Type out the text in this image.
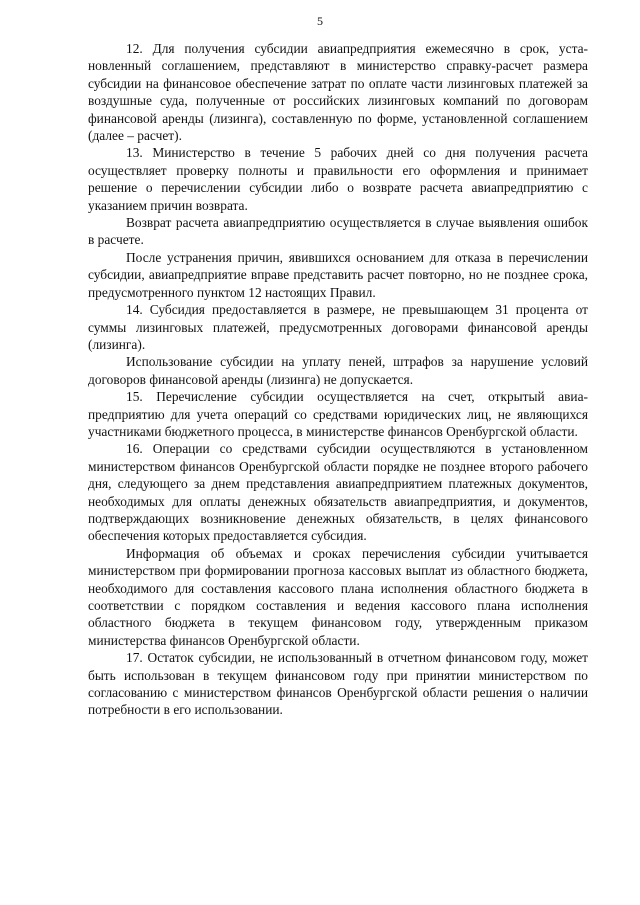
5

12. Для получения субсидии авиапредприятия ежемесячно в срок, установленный соглашением, представляют в министерство справку-расчет размера субсидии на финансовое обеспечение затрат по оплате части лизинговых платежей за воздушные суда, полученные от российских лизинговых компаний по договорам финансовой аренды (лизинга), составленную по форме, установленной соглашением (далее – расчет).

13. Министерство в течение 5 рабочих дней со дня получения расчета осуществляет проверку полноты и правильности его оформления и принимает решение о перечислении субсидии либо о возврате расчета авиапредприятию с указанием причин возврата.

Возврат расчета авиапредприятию осуществляется в случае выявления ошибок в расчете.

После устранения причин, явившихся основанием для отказа в перечислении субсидии, авиапредприятие вправе представить расчет повторно, но не позднее срока, предусмотренного пунктом 12 настоящих Правил.

14. Субсидия предоставляется в размере, не превышающем 31 процента от суммы лизинговых платежей, предусмотренных договорами финансовой аренды (лизинга).

Использование субсидии на уплату пеней, штрафов за нарушение условий договоров финансовой аренды (лизинга) не допускается.

15. Перечисление субсидии осуществляется на счет, открытый авиапредприятию для учета операций со средствами юридических лиц, не являющихся участниками бюджетного процесса, в министерстве финансов Оренбургской области.

16. Операции со средствами субсидии осуществляются в установленном министерством финансов Оренбургской области порядке не позднее второго рабочего дня, следующего за днем представления авиапредприятием платежных документов, необходимых для оплаты денежных обязательств авиапредприятия, и документов, подтверждающих возникновение денежных обязательств, в целях финансового обеспечения которых предоставляется субсидия.

Информация об объемах и сроках перечисления субсидии учитывается министерством при формировании прогноза кассовых выплат из областного бюджета, необходимого для составления кассового плана исполнения областного бюджета в соответствии с порядком составления и ведения кассового плана исполнения областного бюджета в текущем финансовом году, утвержденным приказом министерства финансов Оренбургской области.

17. Остаток субсидии, не использованный в отчетном финансовом году, может быть использован в текущем финансовом году при принятии министерством по согласованию с министерством финансов Оренбургской области решения о наличии потребности в его использовании.
